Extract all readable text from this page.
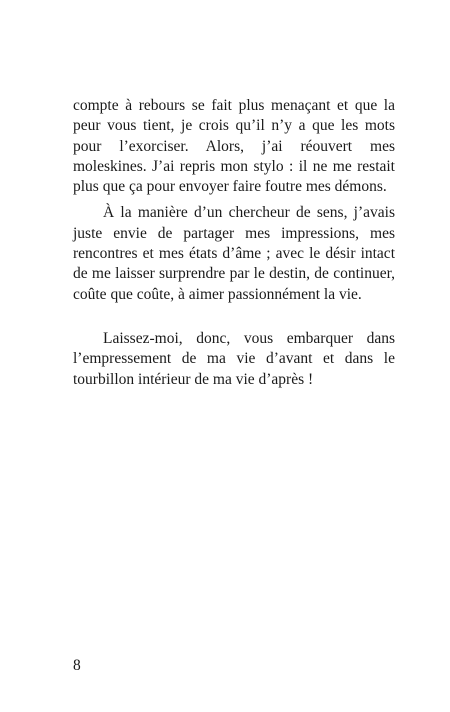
compte à rebours se fait plus menaçant et que la peur vous tient, je crois qu’il n’y a que les mots pour l’exorciser. Alors, j’ai réouvert mes moleskines. J’ai repris mon stylo : il ne me restait plus que ça pour envoyer faire foutre mes démons.

À la manière d’un chercheur de sens, j’avais juste envie de partager mes impressions, mes rencontres et mes états d’âme ; avec le désir intact de me laisser surprendre par le destin, de continuer, coûte que coûte, à aimer passionnément la vie.

Laissez-moi, donc, vous embarquer dans l’empressement de ma vie d’avant et dans le tourbillon intérieur de ma vie d’après !

8
